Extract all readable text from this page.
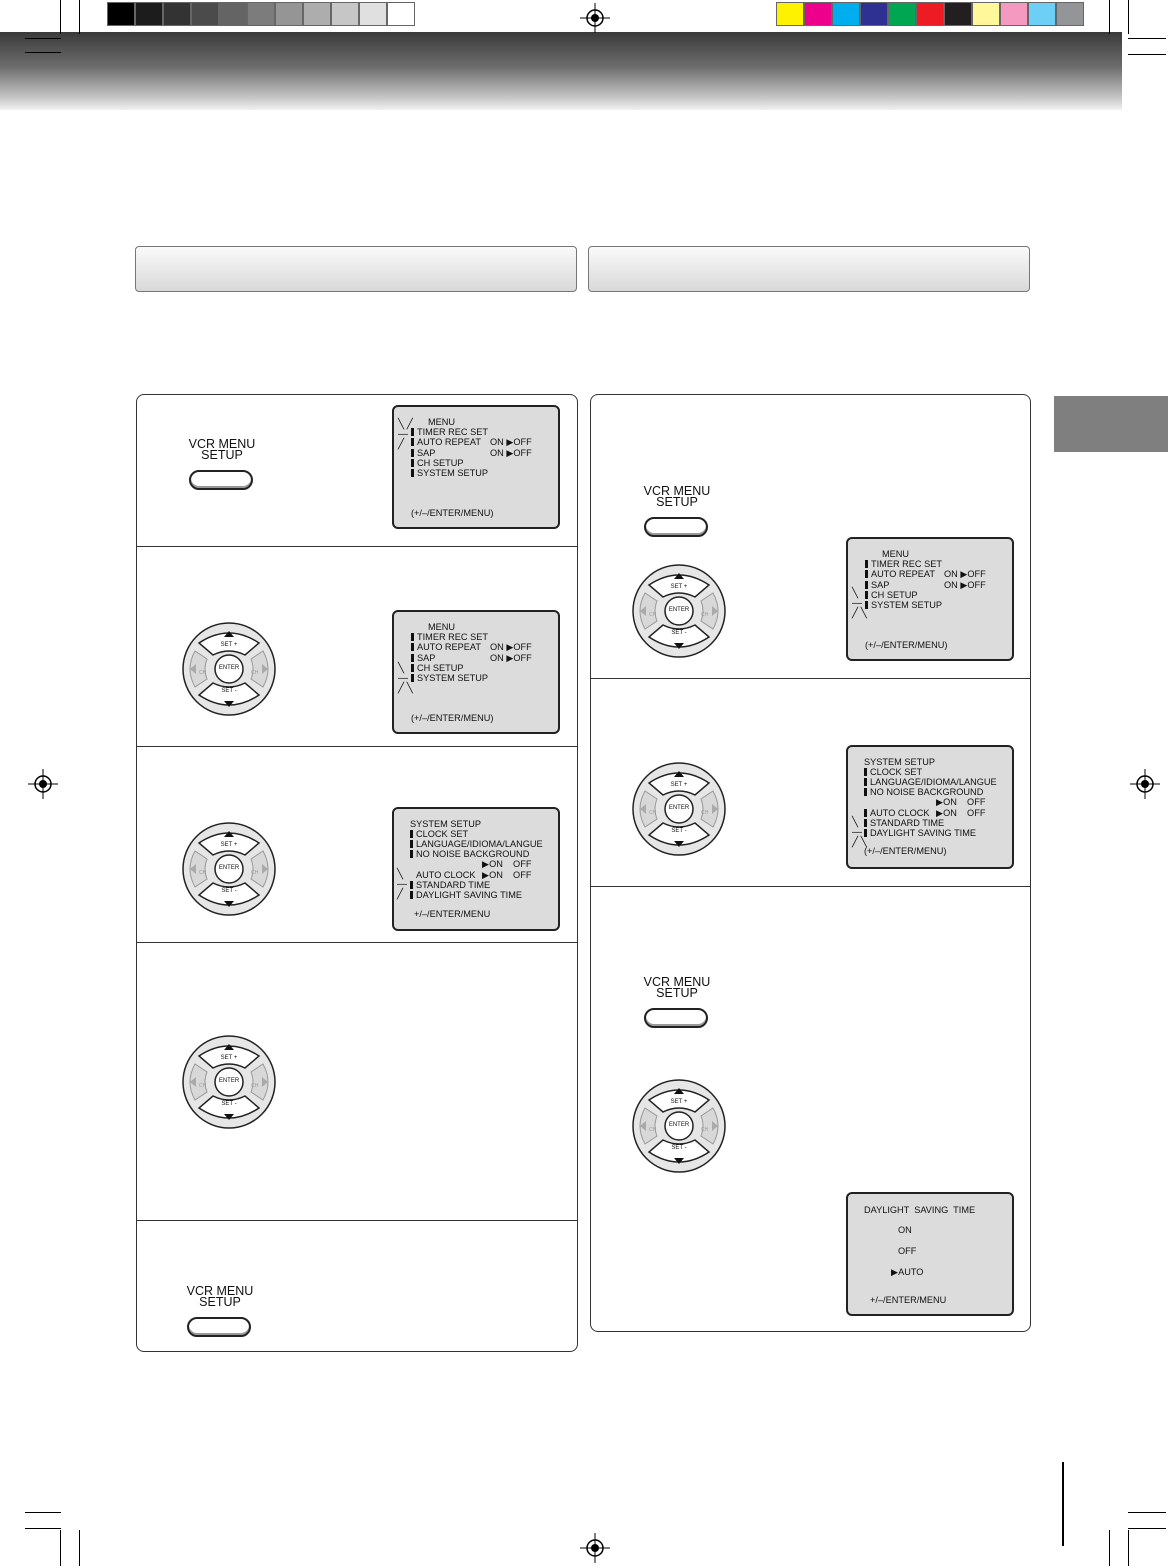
VCR MENU
SETUP
VCR MENU
SETUP
VCR MENU
SETUP
VCR MENU
SETUP
ENTER
SET +
SET -
CH	CH
ENTER
SET +
SET -
CH	CH
ENTER
SET +
SET -
CH	CH
ENTER
SET +
SET -
CH	CH
ENTER
SET +
SET -
CH	CH
ENTER
SET +
SET -
CH	CH
MENU
TIMER REC SET
AUTO REPEAT ON ▶OFF
SAP	ON ▶OFF
CH SETUP
SYSTEM SETUP
(+/–/ENTER/MENU)
╲ ╱
—
╱
MENU
TIMER REC SET
AUTO REPEAT ON ▶OFF
SAP	ON ▶OFF
CH SETUP
SYSTEM SETUP
(+/–/ENTER/MENU)
╲
—
╱ ╲
SYSTEM SETUP
CLOCK SET
LANGUAGE/IDIOMA/LANGUE
NO NOISE BACKGROUND
▶ON    OFF
AUTO CLOCK ▶ON    OFF
STANDARD TIME
DAYLIGHT SAVING TIME
+/–/ENTER/MENU
╲
—
╱
MENU
TIMER REC SET
AUTO REPEAT ON ▶OFF
SAP	ON ▶OFF
CH SETUP
SYSTEM SETUP
(+/–/ENTER/MENU)
╲
—
╱ ╲
SYSTEM SETUP
CLOCK SET
LANGUAGE/IDIOMA/LANGUE
NO NOISE BACKGROUND
▶ON    OFF
AUTO CLOCK ▶ON    OFF
STANDARD TIME
DAYLIGHT SAVING TIME
(+/–/ENTER/MENU)
╲
—
╱ ╲
DAYLIGHT  SAVING  TIME
ON
OFF
▶AUTO
+/–/ENTER/MENU
